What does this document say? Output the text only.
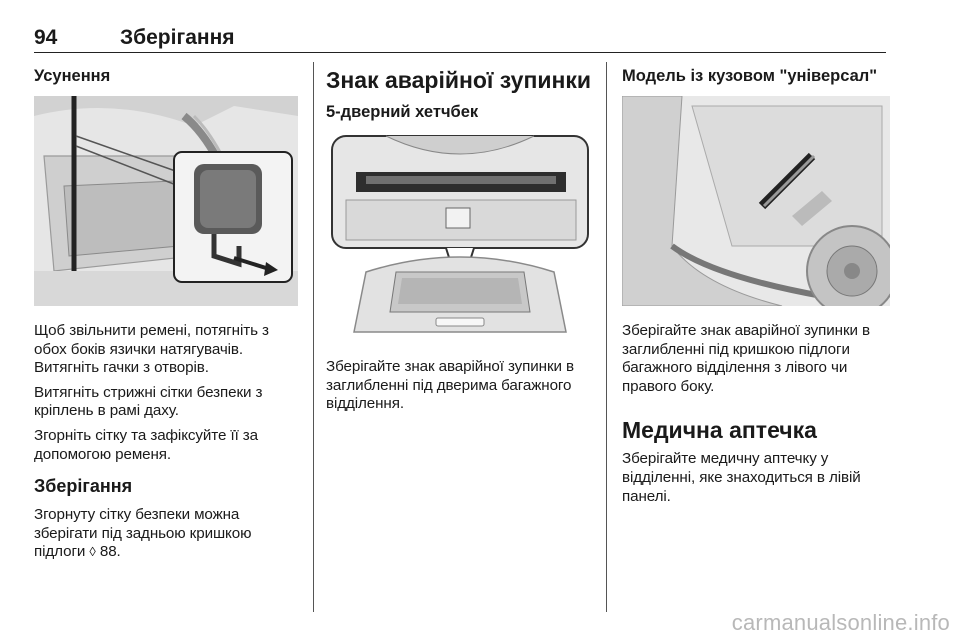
94	Зберігання
Усунення

Щоб звільнити ремені, потягніть з обох боків язички натягувачів. Витягніть гачки з отворів.

Витягніть стрижні сітки безпеки з кріплень в рамі даху.

Згорніть сітку та зафіксуйте її за допомогою ременя.

Зберігання

Згорнуту сітку безпеки можна зберігати під задньою кришкою підлоги ◊ 88.

Знак аварійної зупинки
5-дверний хетчбек

Зберігайте знак аварійної зупинки в заглибленні під дверима багажного відділення.

Модель із кузовом "універсал"

Зберігайте знак аварійної зупинки в заглибленні під кришкою підлоги багажного відділення з лівого чи правого боку.

Медична аптечка

Зберігайте медичну аптечку у відділенні, яке знаходиться в лівій панелі.

carmanualsonline.info
